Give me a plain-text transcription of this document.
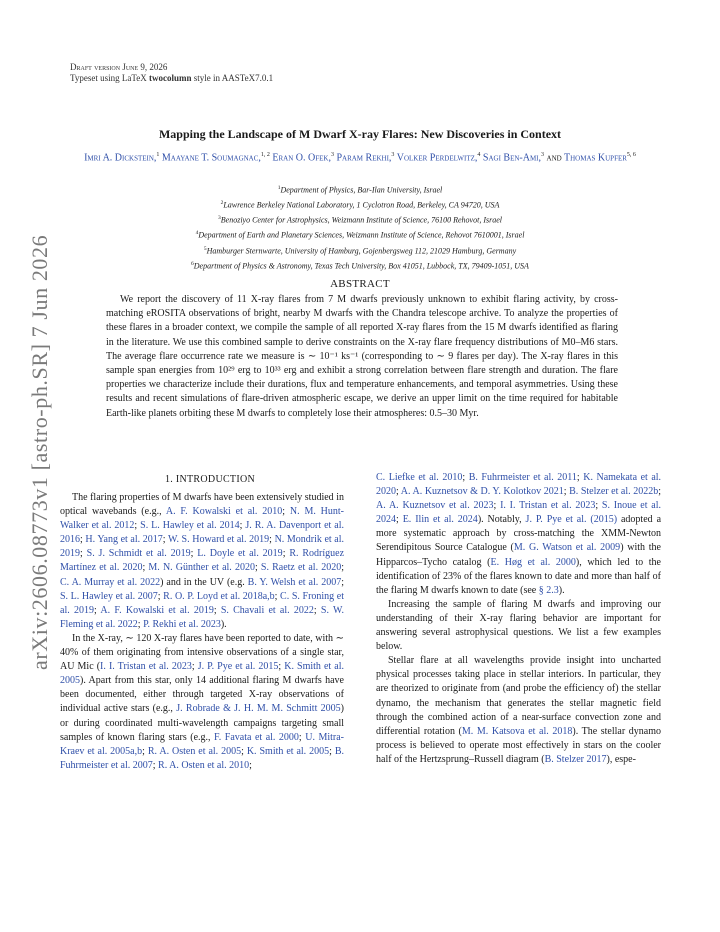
arXiv:2606.08773v1 [astro-ph.SR] 7 Jun 2026
Draft version June 9, 2026
Typeset using LaTeX twocolumn style in AASTeX7.0.1
Mapping the Landscape of M Dwarf X-ray Flares: New Discoveries in Context
Imri A. Dickstein,$^1$ Maayane T. Soumagnac,$^{1, 2}$ Eran O. Ofek,$^3$ Param Rekhi,$^3$ Volker Perdelwitz,$^4$ Sagi Ben-Ami,$^3$ and Thomas Kupfer$^{5, 6}$
$^1$Department of Physics, Bar-Ilan University, Israel
$^2$Lawrence Berkeley National Laboratory, 1 Cyclotron Road, Berkeley, CA 94720, USA
$^3$Benoziyo Center for Astrophysics, Weizmann Institute of Science, 76100 Rehovot, Israel
$^4$Department of Earth and Planetary Sciences, Weizmann Institute of Science, Rehovot 7610001, Israel
$^5$Hamburger Sternwarte, University of Hamburg, Gojenbergsweg 112, 21029 Hamburg, Germany
$^6$Department of Physics & Astronomy, Texas Tech University, Box 41051, Lubbock, TX, 79409-1051, USA
ABSTRACT
We report the discovery of 11 X-ray flares from 7 M dwarfs previously unknown to exhibit flaring activity, by cross-matching eROSITA observations of bright, nearby M dwarfs with the Chandra telescope archive. To analyze the properties of these flares in a broader context, we compile the sample of all reported X-ray flares from the 15 M dwarfs identified as flaring in the literature. We use this combined sample to derive constraints on the X-ray flare frequency distributions of M0–M6 stars. The average flare occurrence rate we measure is ∼ 10⁻¹ ks⁻¹ (corresponding to ∼ 9 flares per day). The X-ray flares in this sample span energies from 10²⁹ erg to 10³³ erg and exhibit a strong correlation between flare strength and duration. The flare properties we characterize include their durations, flux and temperature enhancements, and temporal asymmetries. Using these results and recent simulations of flare-driven atmospheric escape, we derive an upper limit on the time required for habitable Earth-like planets orbiting these M dwarfs to completely lose their atmospheres: 0.5–30 Myr.
1. INTRODUCTION

The flaring properties of M dwarfs have been extensively studied in optical wavebands (e.g., A. F. Kowalski et al. 2010; N. M. Hunt-Walker et al. 2012; S. L. Hawley et al. 2014; J. R. A. Davenport et al. 2016; H. Yang et al. 2017; W. S. Howard et al. 2019; N. Mondrik et al. 2019; S. J. Schmidt et al. 2019; L. Doyle et al. 2019; R. Rodríguez Martínez et al. 2020; M. N. Günther et al. 2020; S. Raetz et al. 2020; C. A. Murray et al. 2022) and in the UV (e.g. B. Y. Welsh et al. 2007; S. L. Hawley et al. 2007; R. O. P. Loyd et al. 2018a,b; C. S. Froning et al. 2019; A. F. Kowalski et al. 2019; S. Chavali et al. 2022; S. W. Fleming et al. 2022; P. Rekhi et al. 2023).

In the X-ray, ∼ 120 X-ray flares have been reported to date, with ∼ 40% of them originating from intensive observations of a single star, AU Mic (I. I. Tristan et al. 2023; J. P. Pye et al. 2015; K. Smith et al. 2005). Apart from this star, only 14 additional flaring M dwarfs have been documented, either through targeted X-ray observations of individual active stars (e.g., J. Robrade & J. H. M. M. Schmitt 2005) or during coordinated multi-wavelength campaigns targeting small samples of known flaring stars (e.g., F. Favata et al. 2000; U. Mitra-Kraev et al. 2005a,b; R. A. Osten et al. 2005; K. Smith et al. 2005; B. Fuhrmeister et al. 2007; R. A. Osten et al. 2010;

C. Liefke et al. 2010; B. Fuhrmeister et al. 2011; K. Namekata et al. 2020; A. A. Kuznetsov & D. Y. Kolotkov 2021; B. Stelzer et al. 2022b; A. A. Kuznetsov et al. 2023; I. I. Tristan et al. 2023; S. Inoue et al. 2024; E. Ilin et al. 2024). Notably, J. P. Pye et al. (2015) adopted a more systematic approach by cross-matching the XMM-Newton Serendipitous Source Catalogue (M. G. Watson et al. 2009) with the Hipparcos–Tycho catalog (E. Høg et al. 2000), which led to the identification of 23% of the flares known to date and more than half of the flaring M dwarfs known to date (see § 2.3).

Increasing the sample of flaring M dwarfs and improving our understanding of their X-ray flaring behavior are important for answering several astrophysical questions. We list a few examples below.

Stellar flare at all wavelengths provide insight into uncharted physical processes taking place in stellar interiors. In particular, they are theorized to originate from (and probe the efficiency of) the stellar dynamo, the mechanism that generates the stellar magnetic field through the combined action of a near-surface convection zone and differential rotation (M. M. Katsova et al. 2018). The stellar dynamo process is believed to operate most effectively in stars on the cooler half of the Hertzsprung–Russell diagram (B. Stelzer 2017), espe-
